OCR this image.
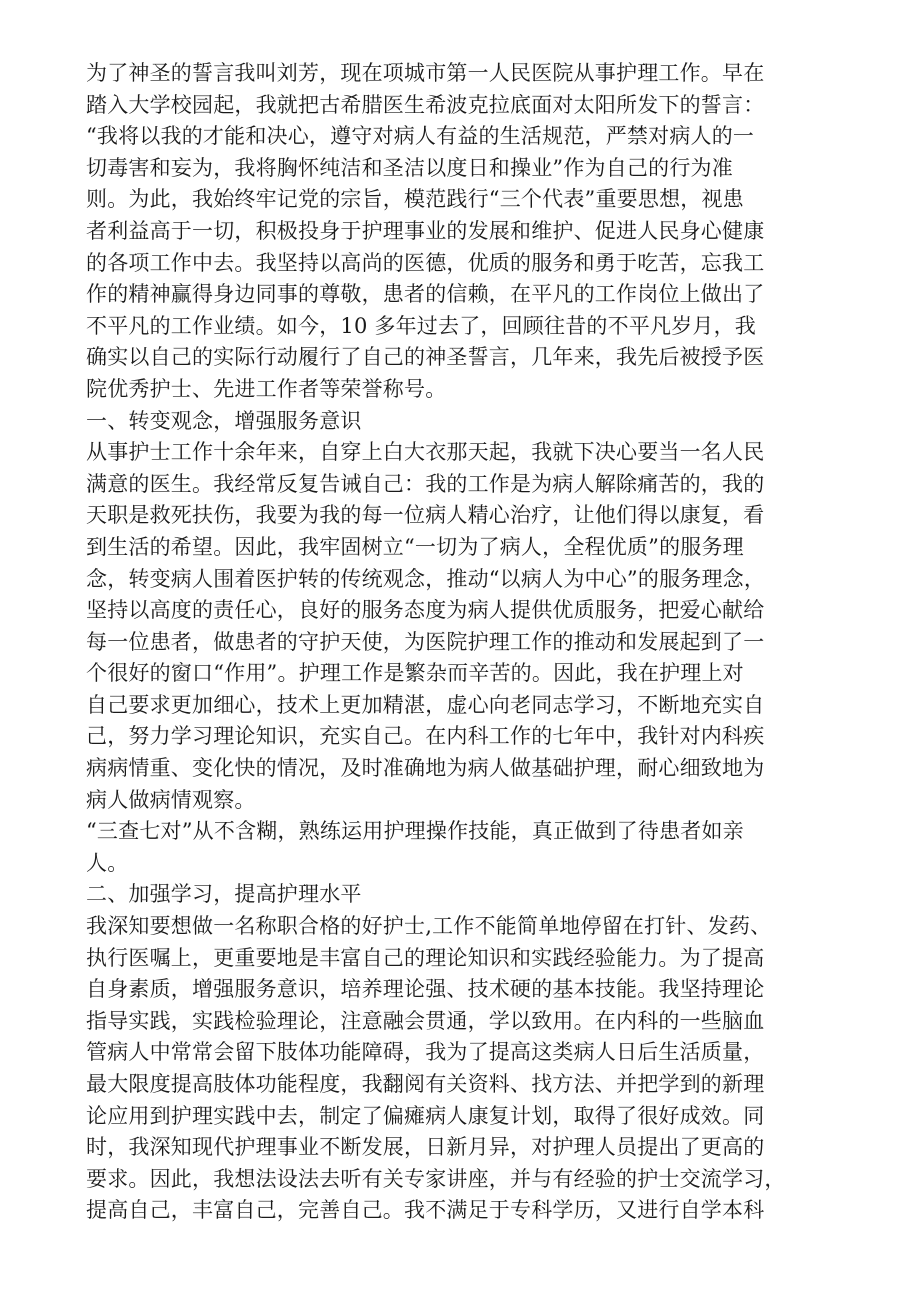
为了神圣的誓言我叫刘芳，现在项城市第一人民医院从事护理工作。早在
踏入大学校园起，我就把古希腊医生希波克拉底面对太阳所发下的誓言：
“我将以我的才能和决心，遵守对病人有益的生活规范，严禁对病人的一
切毒害和妄为，我将胸怀纯洁和圣洁以度日和操业”作为自己的行为准
则。为此，我始终牢记党的宗旨，模范践行“三个代表”重要思想，视患
者利益高于一切，积极投身于护理事业的发展和维护、促进人民身心健康
的各项工作中去。我坚持以高尚的医德，优质的服务和勇于吃苦，忘我工
作的精神赢得身边同事的尊敬，患者的信赖，在平凡的工作岗位上做出了
不平凡的工作业绩。如今，10 多年过去了，回顾往昔的不平凡岁月，我
确实以自己的实际行动履行了自己的神圣誓言，几年来，我先后被授予医
院优秀护士、先进工作者等荣誉称号。
一、转变观念，增强服务意识
从事护士工作十余年来，自穿上白大衣那天起，我就下决心要当一名人民
满意的医生。我经常反复告诫自己：我的工作是为病人解除痛苦的，我的
天职是救死扶伤，我要为我的每一位病人精心治疗，让他们得以康复，看
到生活的希望。因此，我牢固树立“一切为了病人，全程优质”的服务理
念，转变病人围着医护转的传统观念，推动“以病人为中心”的服务理念，
坚持以高度的责任心，良好的服务态度为病人提供优质服务，把爱心献给
每一位患者，做患者的守护天使，为医院护理工作的推动和发展起到了一
个很好的窗口“作用”。护理工作是繁杂而辛苦的。因此，我在护理上对
自己要求更加细心，技术上更加精湛，虚心向老同志学习，不断地充实自
己，努力学习理论知识，充实自己。在内科工作的七年中，我针对内科疾
病病情重、变化快的情况，及时准确地为病人做基础护理，耐心细致地为
病人做病情观察。
“三查七对”从不含糊，熟练运用护理操作技能，真正做到了待患者如亲
人。
二、加强学习，提高护理水平
我深知要想做一名称职合格的好护士,工作不能简单地停留在打针、发药、
执行医嘱上，更重要地是丰富自己的理论知识和实践经验能力。为了提高
自身素质，增强服务意识，培养理论强、技术硬的基本技能。我坚持理论
指导实践，实践检验理论，注意融会贯通，学以致用。在内科的一些脑血
管病人中常常会留下肢体功能障碍，我为了提高这类病人日后生活质量，
最大限度提高肢体功能程度，我翻阅有关资料、找方法、并把学到的新理
论应用到护理实践中去，制定了偏瘫病人康复计划，取得了很好成效。同
时，我深知现代护理事业不断发展，日新月异，对护理人员提出了更高的
要求。因此，我想法设法去听有关专家讲座，并与有经验的护士交流学习，
提高自己，丰富自己，完善自己。我不满足于专科学历，又进行自学本科
